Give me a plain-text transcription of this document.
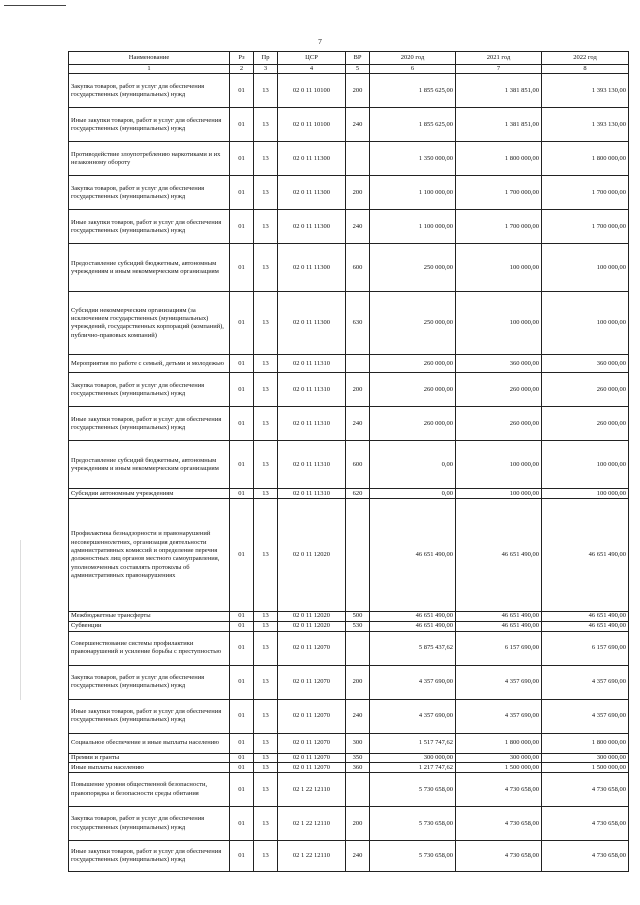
7
Наименование	Рз	Пр	ЦСР	ВР	2020 год	2021 год	2022 год
1	2	3	4	5	6	7	8
Закупка товаров, работ и услуг для обеспечения государственных (муниципальных) нужд	01	13	02 0 11 10100	200	1 855 625,00	1 381 851,00	1 393 130,00
Иные закупки товаров, работ и услуг для обеспечения государственных (муниципальных) нужд	01	13	02 0 11 10100	240	1 855 625,00	1 381 851,00	1 393 130,00
Противодействие злоупотреблению наркотиками и их незаконному обороту	01	13	02 0 11 11300		1 350 000,00	1 800 000,00	1 800 000,00
Закупка товаров, работ и услуг для обеспечения государственных (муниципальных) нужд	01	13	02 0 11 11300	200	1 100 000,00	1 700 000,00	1 700 000,00
Иные закупки товаров, работ и услуг для обеспечения государственных (муниципальных) нужд	01	13	02 0 11 11300	240	1 100 000,00	1 700 000,00	1 700 000,00
Предоставление субсидий бюджетным, автономным учреждениям и иным некоммерческим организациям	01	13	02 0 11 11300	600	250 000,00	100 000,00	100 000,00
Субсидии некоммерческим организациям (за исключением государственных (муниципальных) учреждений, государственных корпораций (компаний), публично-правовых компаний)	01	13	02 0 11 11300	630	250 000,00	100 000,00	100 000,00
Мероприятия по работе с семьей, детьми и молодежью	01	13	02 0 11 11310		260 000,00	360 000,00	360 000,00
Закупка товаров, работ и услуг для обеспечения государственных (муниципальных) нужд	01	13	02 0 11 11310	200	260 000,00	260 000,00	260 000,00
Иные закупки товаров, работ и услуг для обеспечения государственных (муниципальных) нужд	01	13	02 0 11 11310	240	260 000,00	260 000,00	260 000,00
Предоставление субсидий бюджетным, автономным учреждениям и иным некоммерческим организациям	01	13	02 0 11 11310	600	0,00	100 000,00	100 000,00
Субсидии автономным учреждениям	01	13	02 0 11 11310	620	0,00	100 000,00	100 000,00
Профилактика безнадзорности и правонарушений несовершеннолетних, организация деятельности административных комиссий и определение перечня должностных лиц органов местного самоуправления, уполномоченных составлять протоколы об административных правонарушениях	01	13	02 0 11 12020		46 651 490,00	46 651 490,00	46 651 490,00
Межбюджетные трансферты	01	13	02 0 11 12020	500	46 651 490,00	46 651 490,00	46 651 490,00
Субвенции	01	13	02 0 11 12020	530	46 651 490,00	46 651 490,00	46 651 490,00
Совершенствование системы профилактики правонарушений и усиление борьбы с преступностью	01	13	02 0 11 12070		5 875 437,62	6 157 690,00	6 157 690,00
Закупка товаров, работ и услуг для обеспечения государственных (муниципальных) нужд	01	13	02 0 11 12070	200	4 357 690,00	4 357 690,00	4 357 690,00
Иные закупки товаров, работ и услуг для обеспечения государственных (муниципальных) нужд	01	13	02 0 11 12070	240	4 357 690,00	4 357 690,00	4 357 690,00
Социальное обеспечение и иные выплаты населению	01	13	02 0 11 12070	300	1 517 747,62	1 800 000,00	1 800 000,00
Премии и гранты	01	13	02 0 11 12070	350	300 000,00	300 000,00	300 000,00
Иные выплаты населению	01	13	02 0 11 12070	360	1 217 747,62	1 500 000,00	1 500 000,00
Повышение уровня общественной безопасности, правопорядка и безопасности среды обитания	01	13	02 1 22 12110		5 730 658,00	4 730 658,00	4 730 658,00
Закупка товаров, работ и услуг для обеспечения государственных (муниципальных) нужд	01	13	02 1 22 12110	200	5 730 658,00	4 730 658,00	4 730 658,00
Иные закупки товаров, работ и услуг для обеспечения государственных (муниципальных) нужд	01	13	02 1 22 12110	240	5 730 658,00	4 730 658,00	4 730 658,00
